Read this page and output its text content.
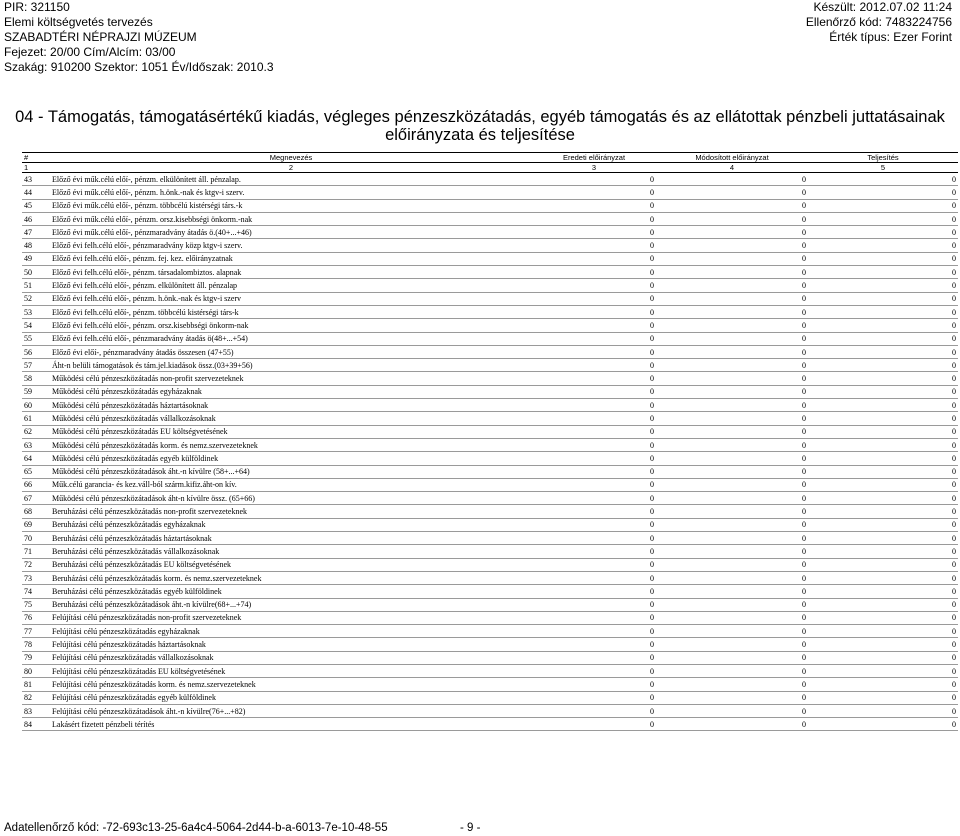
PIR: 321150
Elemi költségvetés tervezés
SZABADTÉRI NÉPRAJZI MÚZEUM
Fejezet: 20/00 Cím/Alcím: 03/00
Szakág: 910200 Szektor: 1051 Év/Időszak: 2010.3
Készült: 2012.07.02 11:24
Ellenőrző kód: 7483224756
Érték típus: Ezer Forint
04 - Támogatás, támogatásértékű kiadás, végleges pénzeszközátadás, egyéb támogatás és az ellátottak pénzbeli juttatásainak
előirányzata és teljesítése
#	Megnevezés	Eredeti előirányzat	Módosított előirányzat	Teljesítés
1	2	3	4	5
43	Előző évi műk.célú előí-, pénzm. elkülönített áll. pénzalap.	0	0	0
44	Előző évi műk.célú előí-, pénzm. h.önk.-nak és ktgv-i szerv.	0	0	0
45	Előző évi műk.célú előí-, pénzm. többcélú kistérségi társ.-k	0	0	0
46	Előző évi műk.célú előí-, pénzm. orsz.kisebbségi önkorm.-nak	0	0	0
47	Előző évi műk.célú előí-, pénzmaradvány átadás ö.(40+...+46)	0	0	0
48	Előző évi felh.célú előí-, pénzmaradvány közp ktgv-i szerv.	0	0	0
49	Előző évi felh.célú előí-, pénzm. fej. kez. előirányzatnak	0	0	0
50	Előző évi felh.célú előí-, pénzm. társadalombiztos. alapnak	0	0	0
51	Előző évi felh.célú előí-, pénzm. elkülönített áll. pénzalap	0	0	0
52	Előző évi felh.célú előí-, pénzm. h.önk.-nak és ktgv-i szerv	0	0	0
53	Előző évi felh.célú előí-, pénzm. többcélú kistérségi társ-k	0	0	0
54	Előző évi felh.célú előí-, pénzm. orsz.kisebbségi önkorm-nak	0	0	0
55	Előző évi felh.célú előí-, pénzmaradvány átadás ö(48+...+54)	0	0	0
56	Előző évi előí-, pénzmaradvány átadás összesen (47+55)	0	0	0
57	Áht-n belüli támogatások és tám.jel.kiadások össz.(03+39+56)	0	0	0
58	Működési célú pénzeszközátadás non-profit szervezeteknek	0	0	0
59	Működési célú pénzeszközátadás egyházaknak	0	0	0
60	Működési célú pénzeszközátadás háztartásoknak	0	0	0
61	Működési célú pénzeszközátadás vállalkozásoknak	0	0	0
62	Működési célú pénzeszközátadás EU költségvetésének	0	0	0
63	Működési célú pénzeszközátadás korm. és nemz.szervezeteknek	0	0	0
64	Működési célú pénzeszközátadás egyéb külföldinek	0	0	0
65	Működési célú pénzeszközátadások áht.-n kívülre (58+...+64)	0	0	0
66	Műk.célú garancia- és kez.váll-ból szárm.kifiz.áht-on kív.	0	0	0
67	Működési célú pénzeszközátadások áht-n kívülre össz. (65+66)	0	0	0
68	Beruházási célú pénzeszközátadás non-profit szervezeteknek	0	0	0
69	Beruházási célú pénzeszközátadás egyházaknak	0	0	0
70	Beruházási célú pénzeszközátadás háztartásoknak	0	0	0
71	Beruházási célú pénzeszközátadás vállalkozásoknak	0	0	0
72	Beruházási célú pénzeszközátadás EU költségvetésének	0	0	0
73	Beruházási célú pénzeszközátadás korm. és nemz.szervezeteknek	0	0	0
74	Beruházási célú pénzeszközátadás egyéb külföldinek	0	0	0
75	Beruházási célú pénzeszközátadások áht.-n kívülre(68+...+74)	0	0	0
76	Felújítási célú pénzeszközátadás non-profit szervezeteknek	0	0	0
77	Felújítási célú pénzeszközátadás egyházaknak	0	0	0
78	Felújítási célú pénzeszközátadás háztartásoknak	0	0	0
79	Felújítási célú pénzeszközátadás vállalkozásoknak	0	0	0
80	Felújítási célú pénzeszközátadás EU költségvetésének	0	0	0
81	Felújítási célú pénzeszközátadás korm. és nemz.szervezeteknek	0	0	0
82	Felújítási célú pénzeszközátadás egyéb külföldinek	0	0	0
83	Felújítási célú pénzeszközátadások áht.-n kívülre(76+...+82)	0	0	0
84	Lakásért fizetett pénzbeli térítés	0	0	0
Adatellenőrző kód: -72-693c13-25-6a4c4-5064-2d44-b-a-6013-7e-10-48-55	- 9 -
